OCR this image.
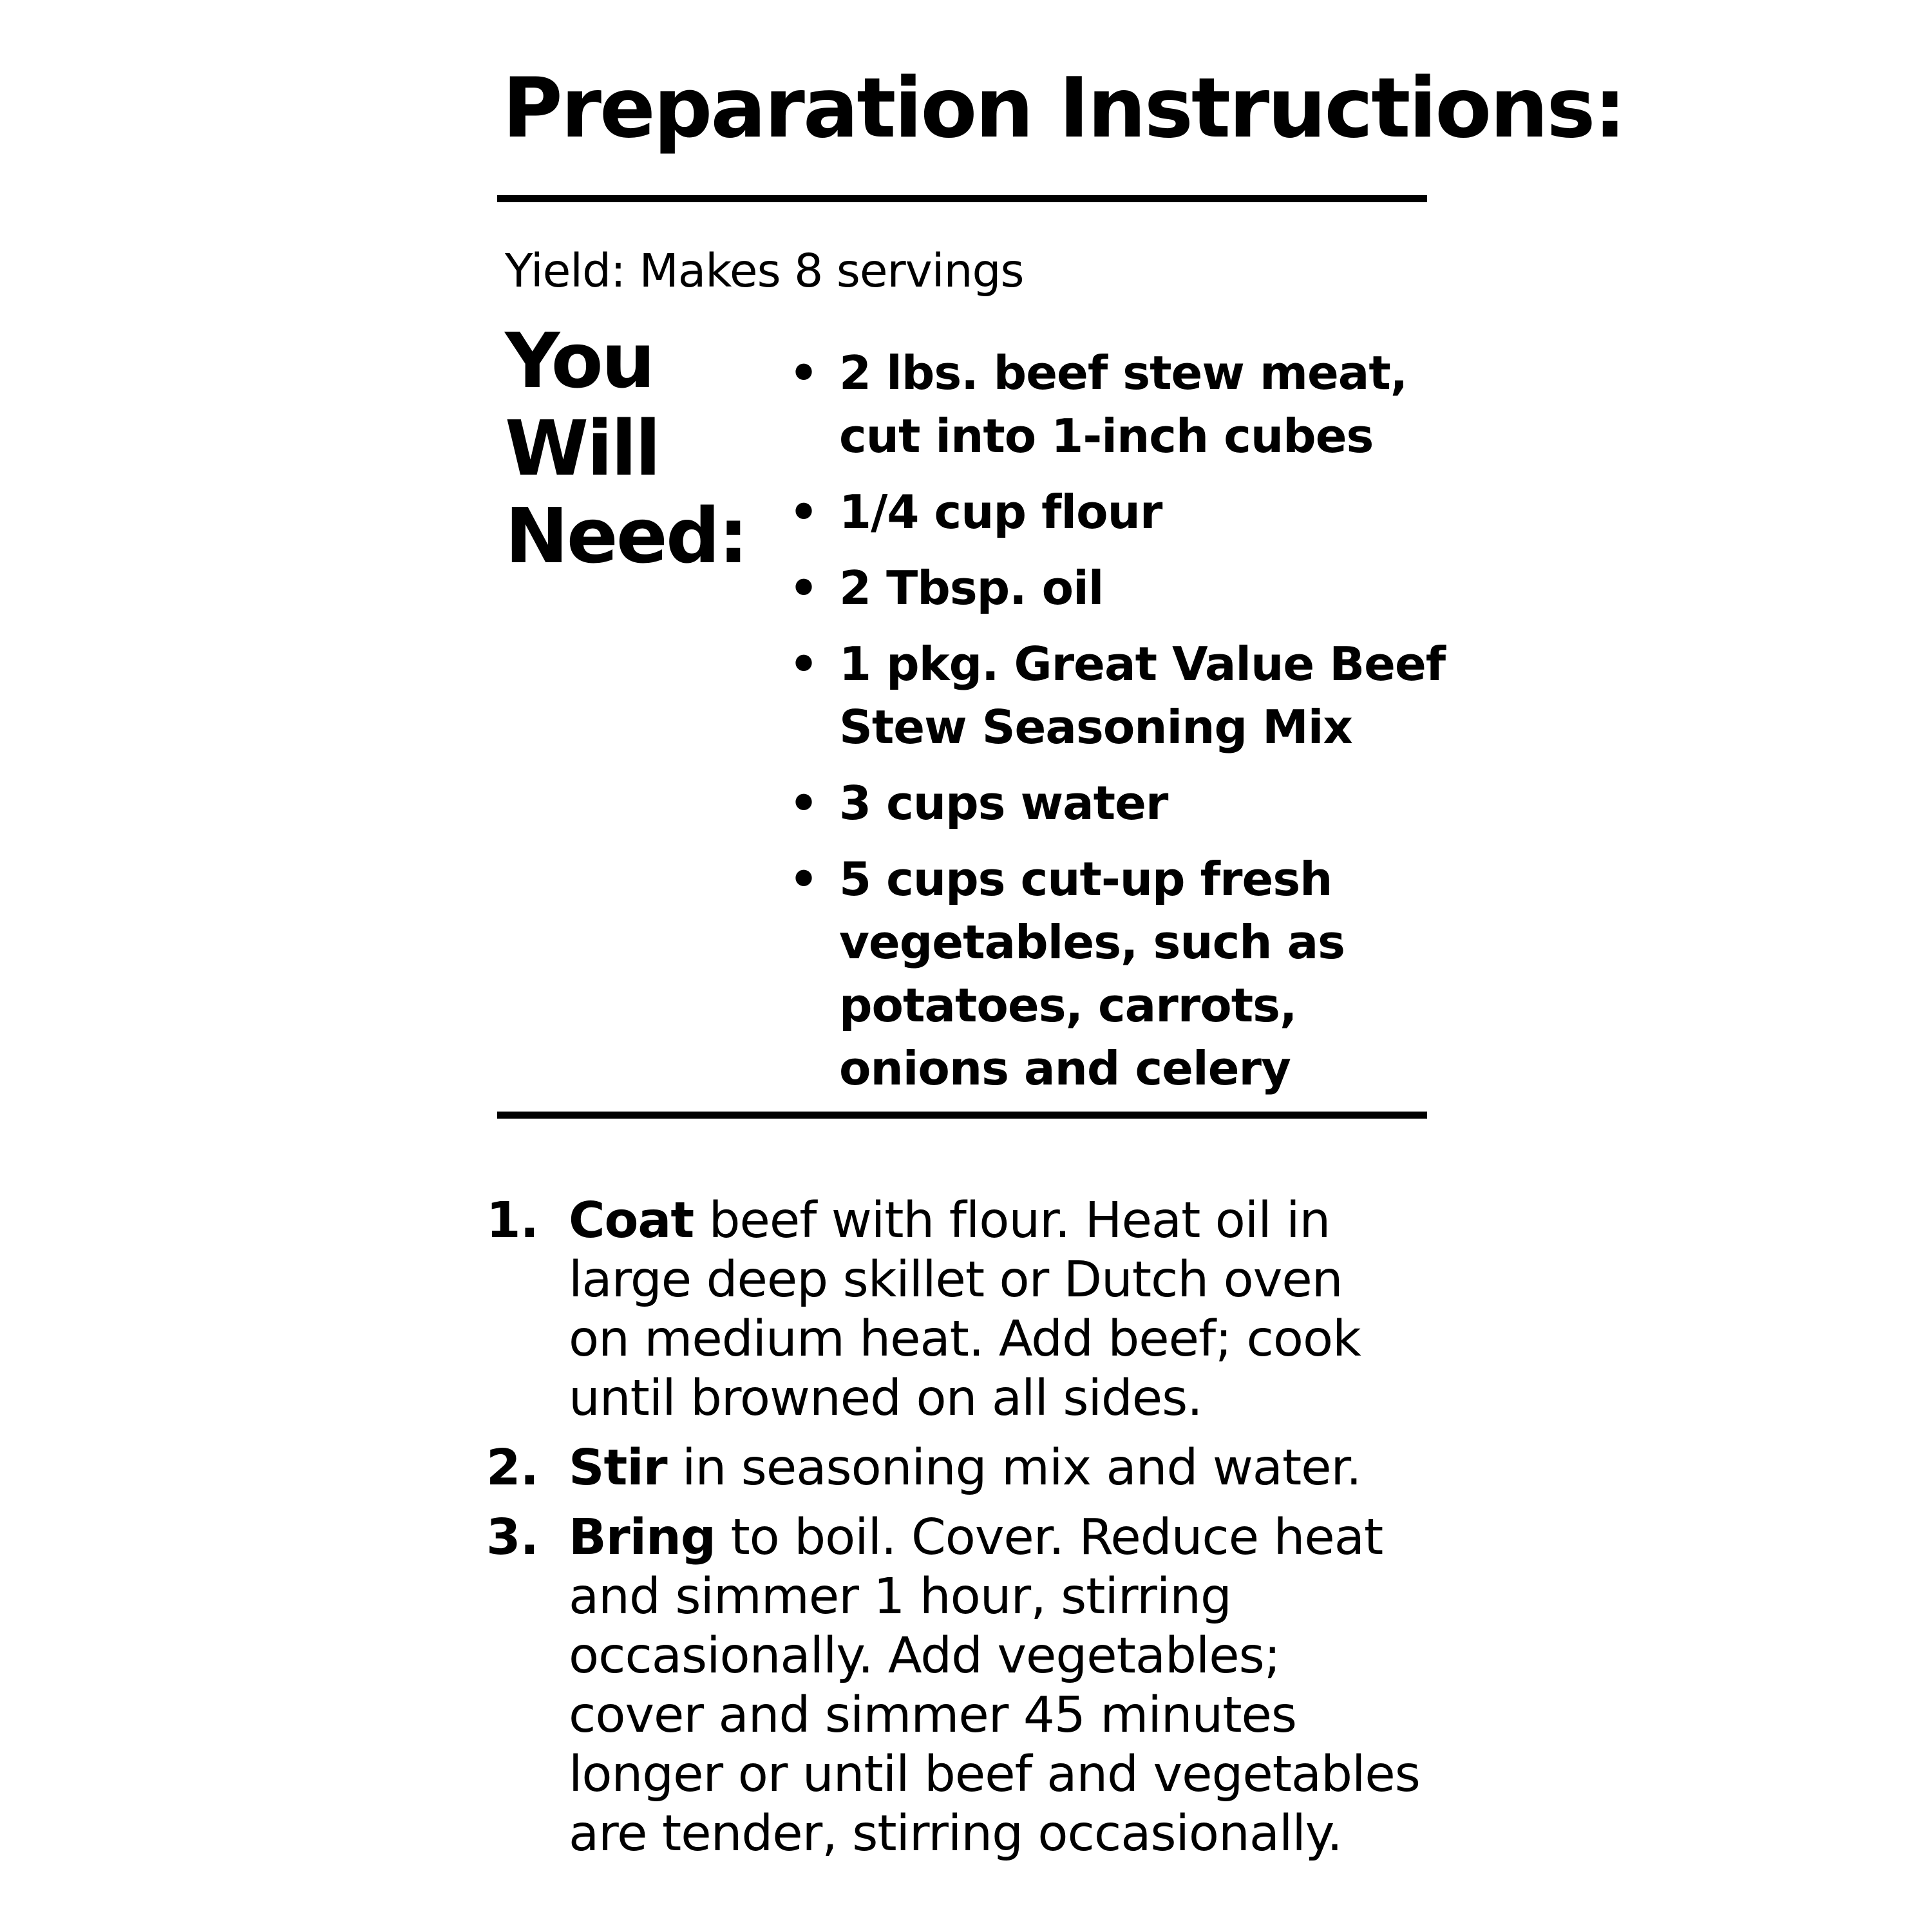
Preparation Instructions:
Yield: Makes 8 servings
You
Will
Need:
• 2 lbs. beef stew meat,
cut into 1-inch cubes
• 1/4 cup flour
• 2 Tbsp. oil
• 1 pkg. Great Value Beef
Stew Seasoning Mix
• 3 cups water
• 5 cups cut-up fresh
vegetables, such as
potatoes, carrots,
onions and celery
1. Coat beef with flour. Heat oil in
large deep skillet or Dutch oven
on medium heat. Add beef; cook
until browned on all sides.
2. Stir in seasoning mix and water.
3. Bring to boil. Cover. Reduce heat
and simmer 1 hour, stirring
occasionally. Add vegetables;
cover and simmer 45 minutes
longer or until beef and vegetables
are tender, stirring occasionally.
